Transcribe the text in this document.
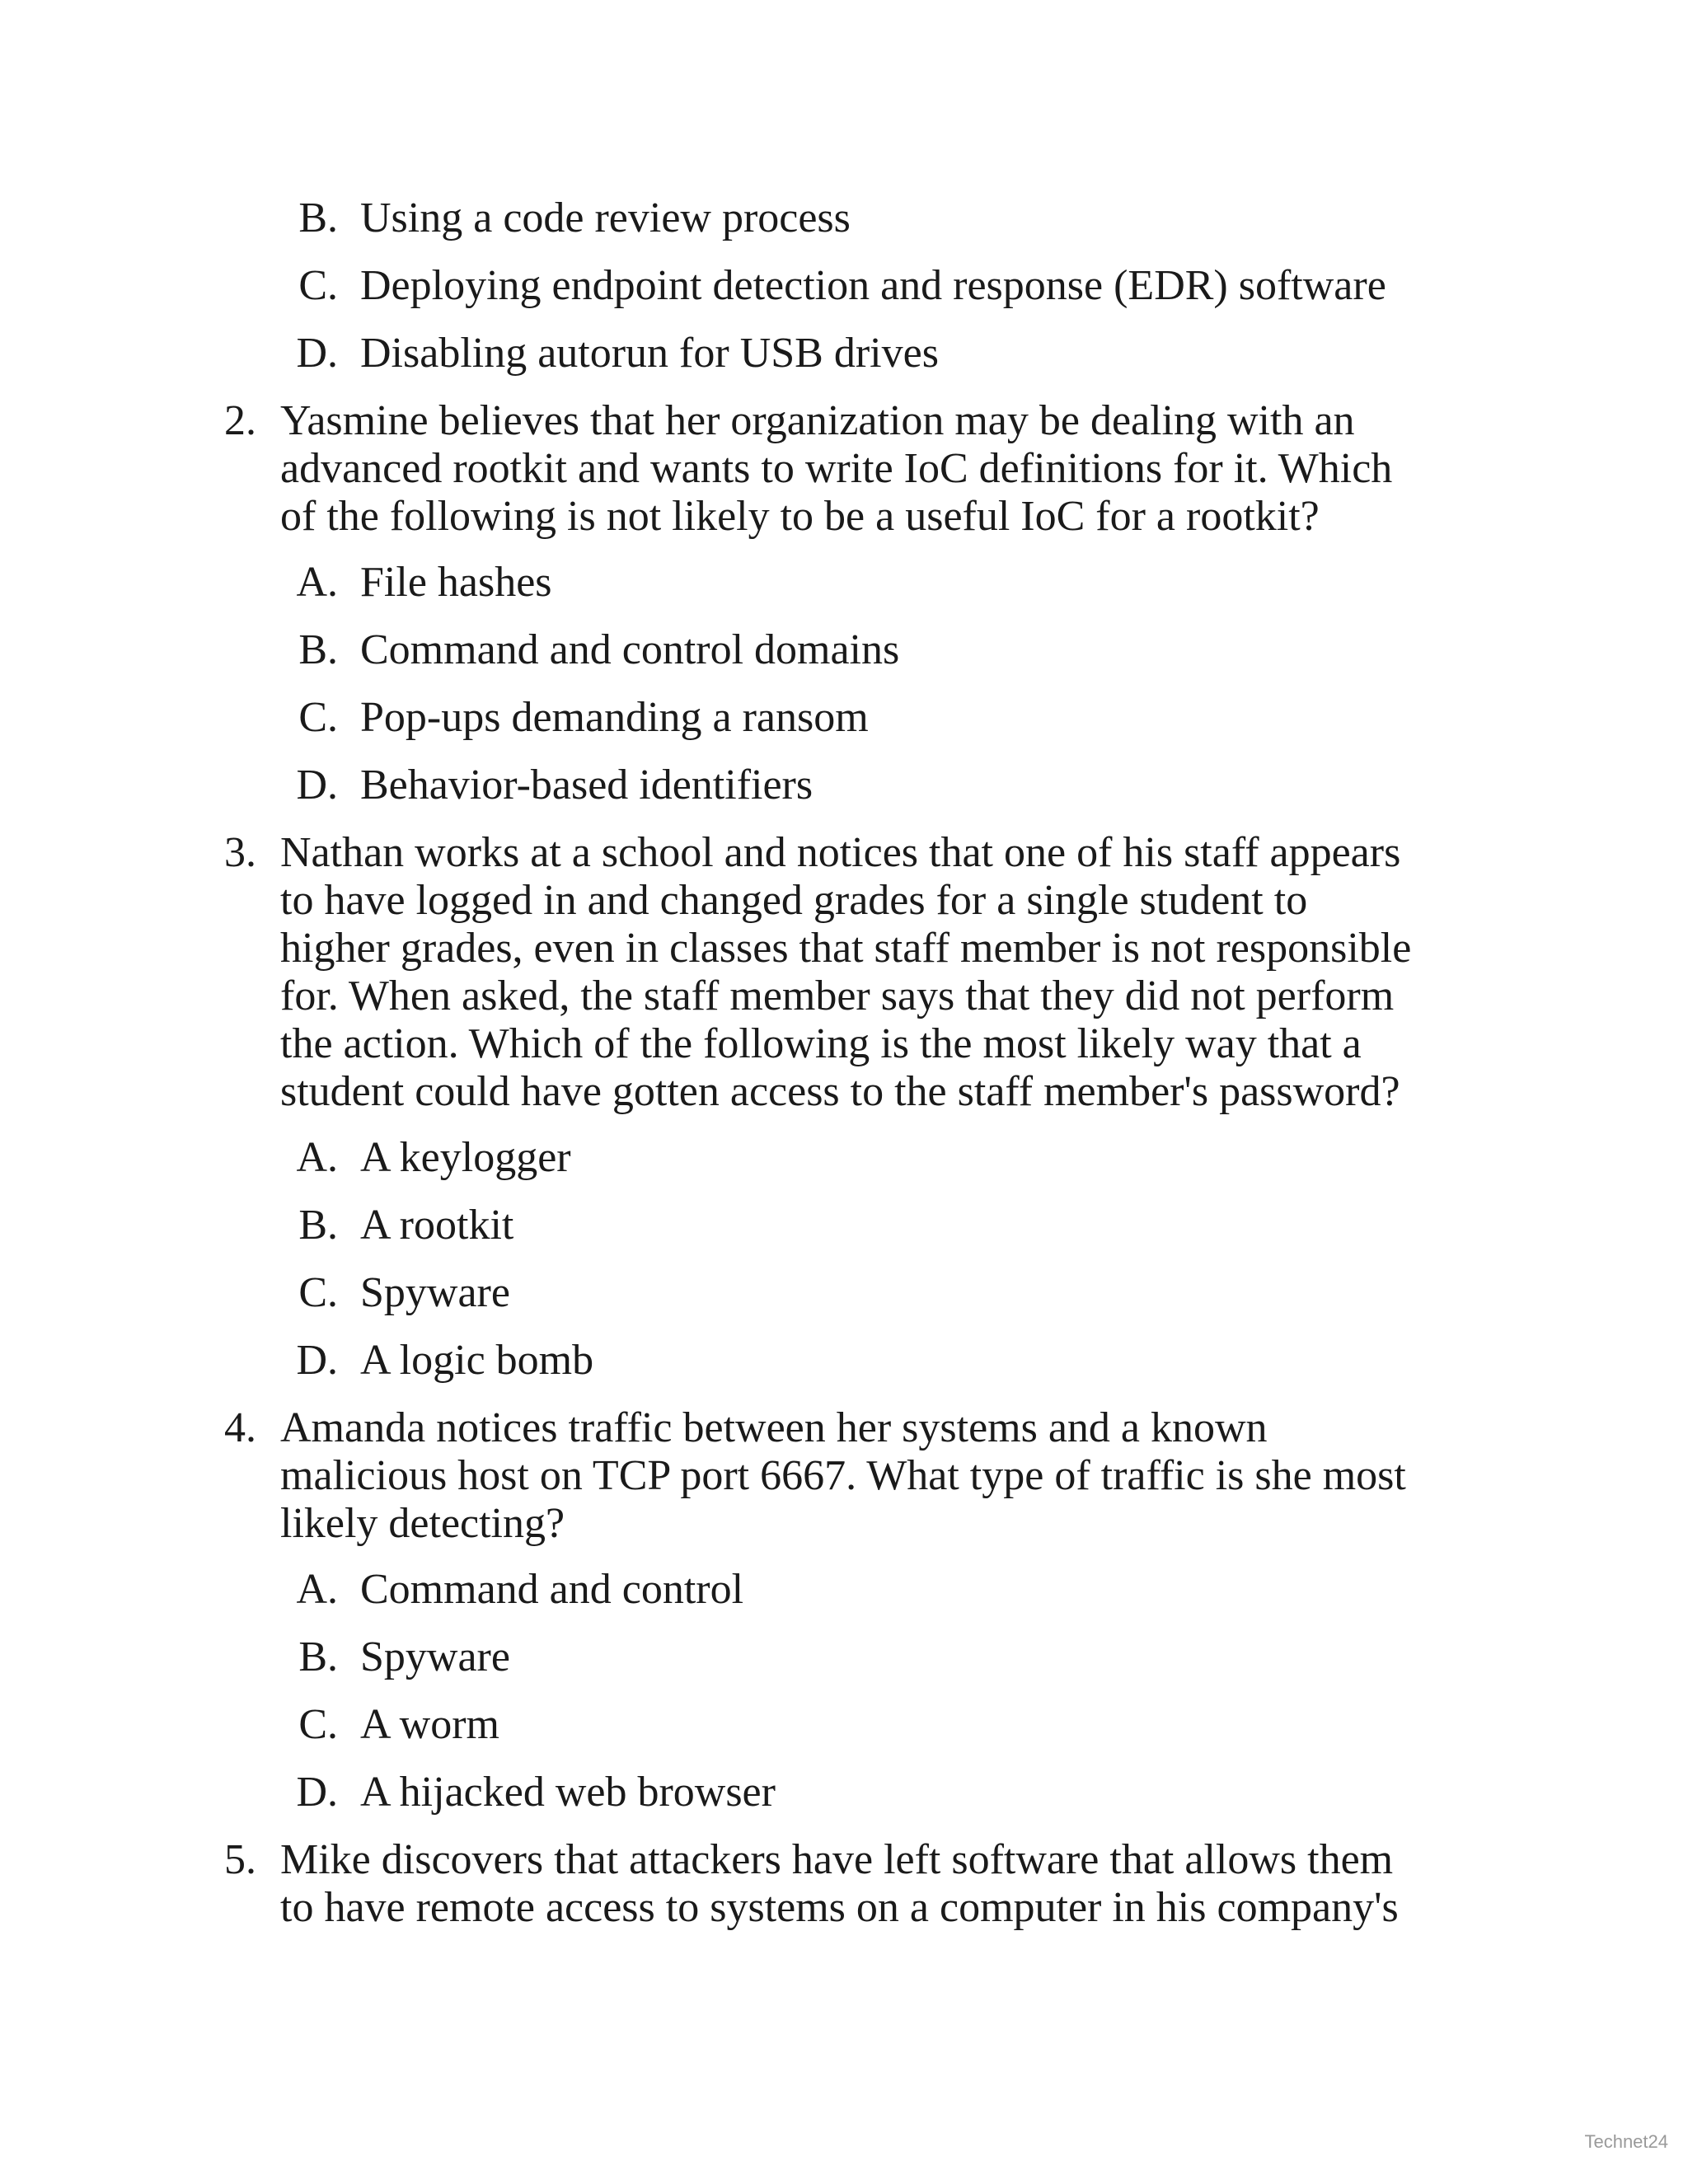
B. Using a code review process
C. Deploying endpoint detection and response (EDR) software
D. Disabling autorun for USB drives
2. Yasmine believes that her organization may be dealing with an
advanced rootkit and wants to write IoC definitions for it. Which
of the following is not likely to be a useful IoC for a rootkit?
A. File hashes
B. Command and control domains
C. Pop-ups demanding a ransom
D. Behavior-based identifiers
3. Nathan works at a school and notices that one of his staff appears
to have logged in and changed grades for a single student to
higher grades, even in classes that staff member is not responsible
for. When asked, the staff member says that they did not perform
the action. Which of the following is the most likely way that a
student could have gotten access to the staff member's password?
A. A keylogger
B. A rootkit
C. Spyware
D. A logic bomb
4. Amanda notices traffic between her systems and a known
malicious host on TCP port 6667. What type of traffic is she most
likely detecting?
A. Command and control
B. Spyware
C. A worm
D. A hijacked web browser
5. Mike discovers that attackers have left software that allows them
to have remote access to systems on a computer in his company's
Technet24
